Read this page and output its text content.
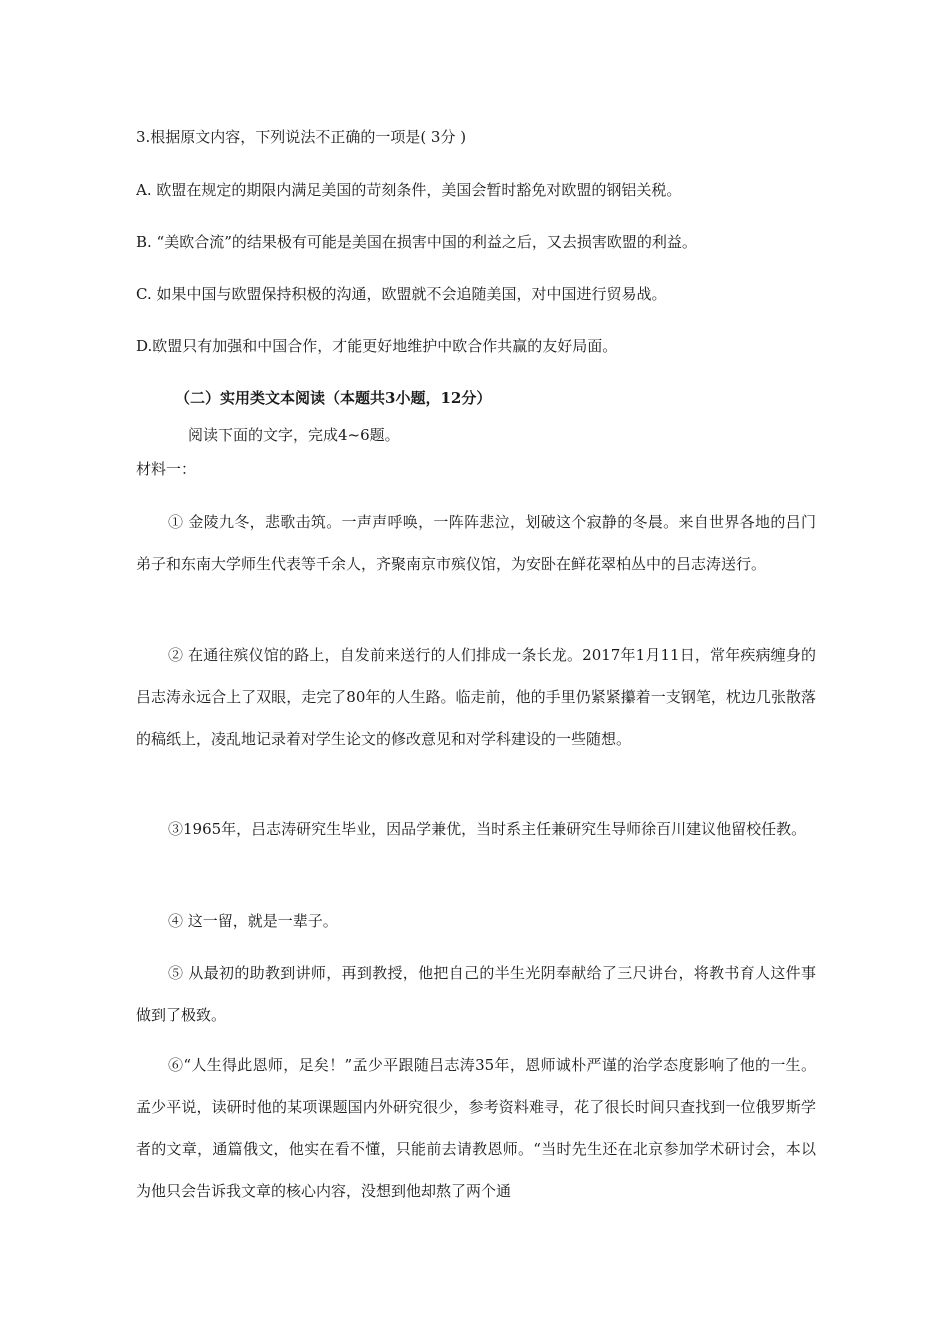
3.根据原文内容，下列说法不正确的一项是( 3分 )
A. 欧盟在规定的期限内满足美国的苛刻条件，美国会暂时豁免对欧盟的钢铝关税。
B. “美欧合流”的结果极有可能是美国在损害中国的利益之后，又去损害欧盟的利益。
C. 如果中国与欧盟保持积极的沟通，欧盟就不会追随美国，对中国进行贸易战。
D.欧盟只有加强和中国合作，才能更好地维护中欧合作共赢的友好局面。
（二）实用类文本阅读（本题共3小题，12分）
阅读下面的文字，完成4~6题。
材料一：

① 金陵九冬，悲歌击筑。一声声呼唤，一阵阵悲泣，划破这个寂静的冬晨。来自世界各地的吕门弟子和东南大学师生代表等千余人，齐聚南京市殡仪馆，为安卧在鲜花翠柏丛中的吕志涛送行。

② 在通往殡仪馆的路上，自发前来送行的人们排成一条长龙。2017年1月11日，常年疾病缠身的吕志涛永远合上了双眼，走完了80年的人生路。临走前，他的手里仍紧紧攥着一支钢笔，枕边几张散落的稿纸上，凌乱地记录着对学生论文的修改意见和对学科建设的一些随想。

③1965年，吕志涛研究生毕业，因品学兼优，当时系主任兼研究生导师徐百川建议他留校任教。

④ 这一留，就是一辈子。

⑤ 从最初的助教到讲师，再到教授，他把自己的半生光阴奉献给了三尺讲台，将教书育人这件事做到了极致。

⑥“人生得此恩师，足矣！”孟少平跟随吕志涛35年，恩师诚朴严谨的治学态度影响了他的一生。孟少平说，读研时他的某项课题国内外研究很少，参考资料难寻，花了很长时间只查找到一位俄罗斯学者的文章，通篇俄文，他实在看不懂，只能前去请教恩师。“当时先生还在北京参加学术研讨会，本以为他只会告诉我文章的核心内容，没想到他却熬了两个通
